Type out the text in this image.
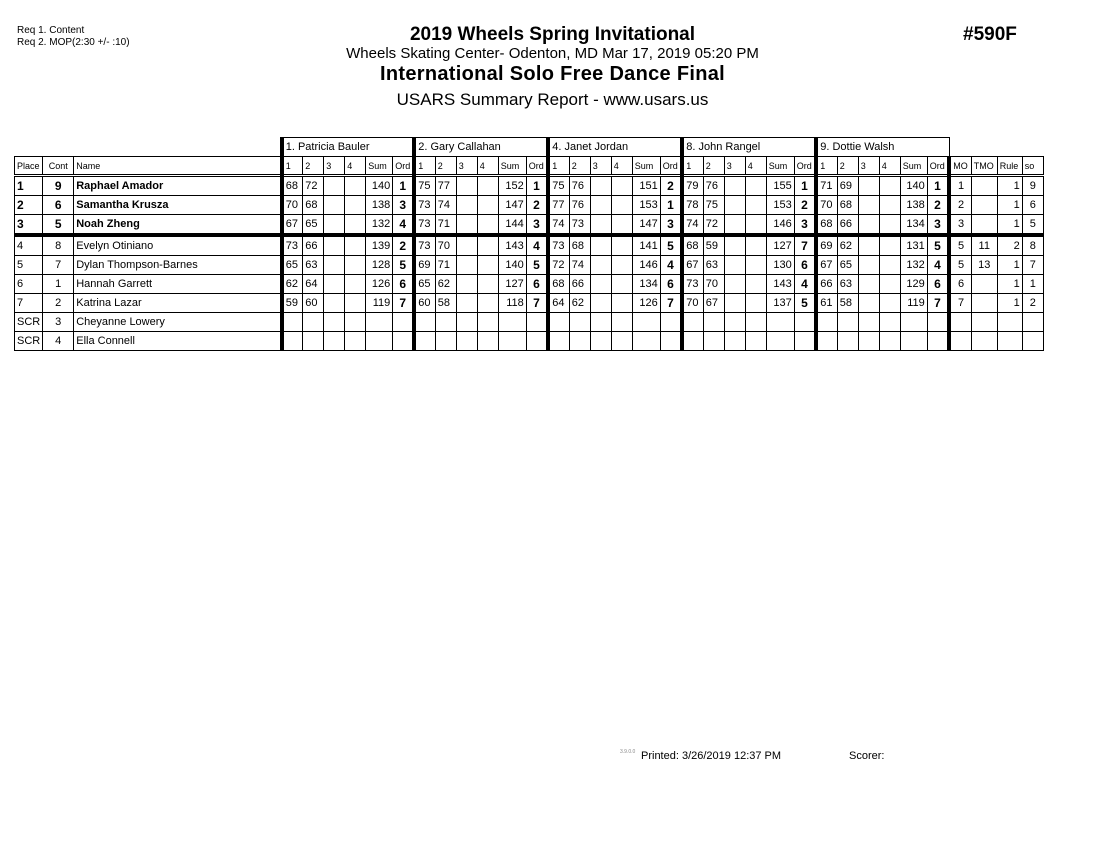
Req 1. Content
Req 2. MOP(2:30 +/- :10)	2019 Wheels Spring Invitational
Wheels Skating Center- Odenton, MD Mar 17, 2019 05:20 PM
International Solo Free Dance Final
USARS Summary Report - www.usars.us
#590F
			1. Patricia Bauler						2. Gary Callahan						4. Janet Jordan						8. John Rangel						9. Dottie Walsh									
Place	Cont	Name	1	2	3	4	Sum	Ord	1	2	3	4	Sum	Ord	1	2	3	4	Sum	Ord	1	2	3	4	Sum	Ord	1	2	3	4	Sum	Ord	MO	TMO	Rule	so
1	9	Raphael Amador	68	72			140	1	75	77			152	1	75	76			151	2	79	76			155	1	71	69			140	1	1		1	9
2	6	Samantha Krusza	70	68			138	3	73	74			147	2	77	76			153	1	78	75			153	2	70	68			138	2	2		1	6
3	5	Noah Zheng	67	65			132	4	73	71			144	3	74	73			147	3	74	72			146	3	68	66			134	3	3		1	5
4	8	Evelyn Otiniano	73	66			139	2	73	70			143	4	73	68			141	5	68	59			127	7	69	62			131	5	5	11	2	8
5	7	Dylan Thompson-Barnes	65	63			128	5	69	71			140	5	72	74			146	4	67	63			130	6	67	65			132	4	5	13	1	7
6	1	Hannah Garrett	62	64			126	6	65	62			127	6	68	66			134	6	73	70			143	4	66	63			129	6	6		1	1
7	2	Katrina Lazar	59	60			119	7	60	58			118	7	64	62			126	7	70	67			137	5	61	58			119	7	7		1	2
SCR	3	Cheyanne Lowery																																		
SCR	4	Ella Connell																																		
3.9.0.0 Printed: 3/26/2019 12:37 PM	Scorer:
